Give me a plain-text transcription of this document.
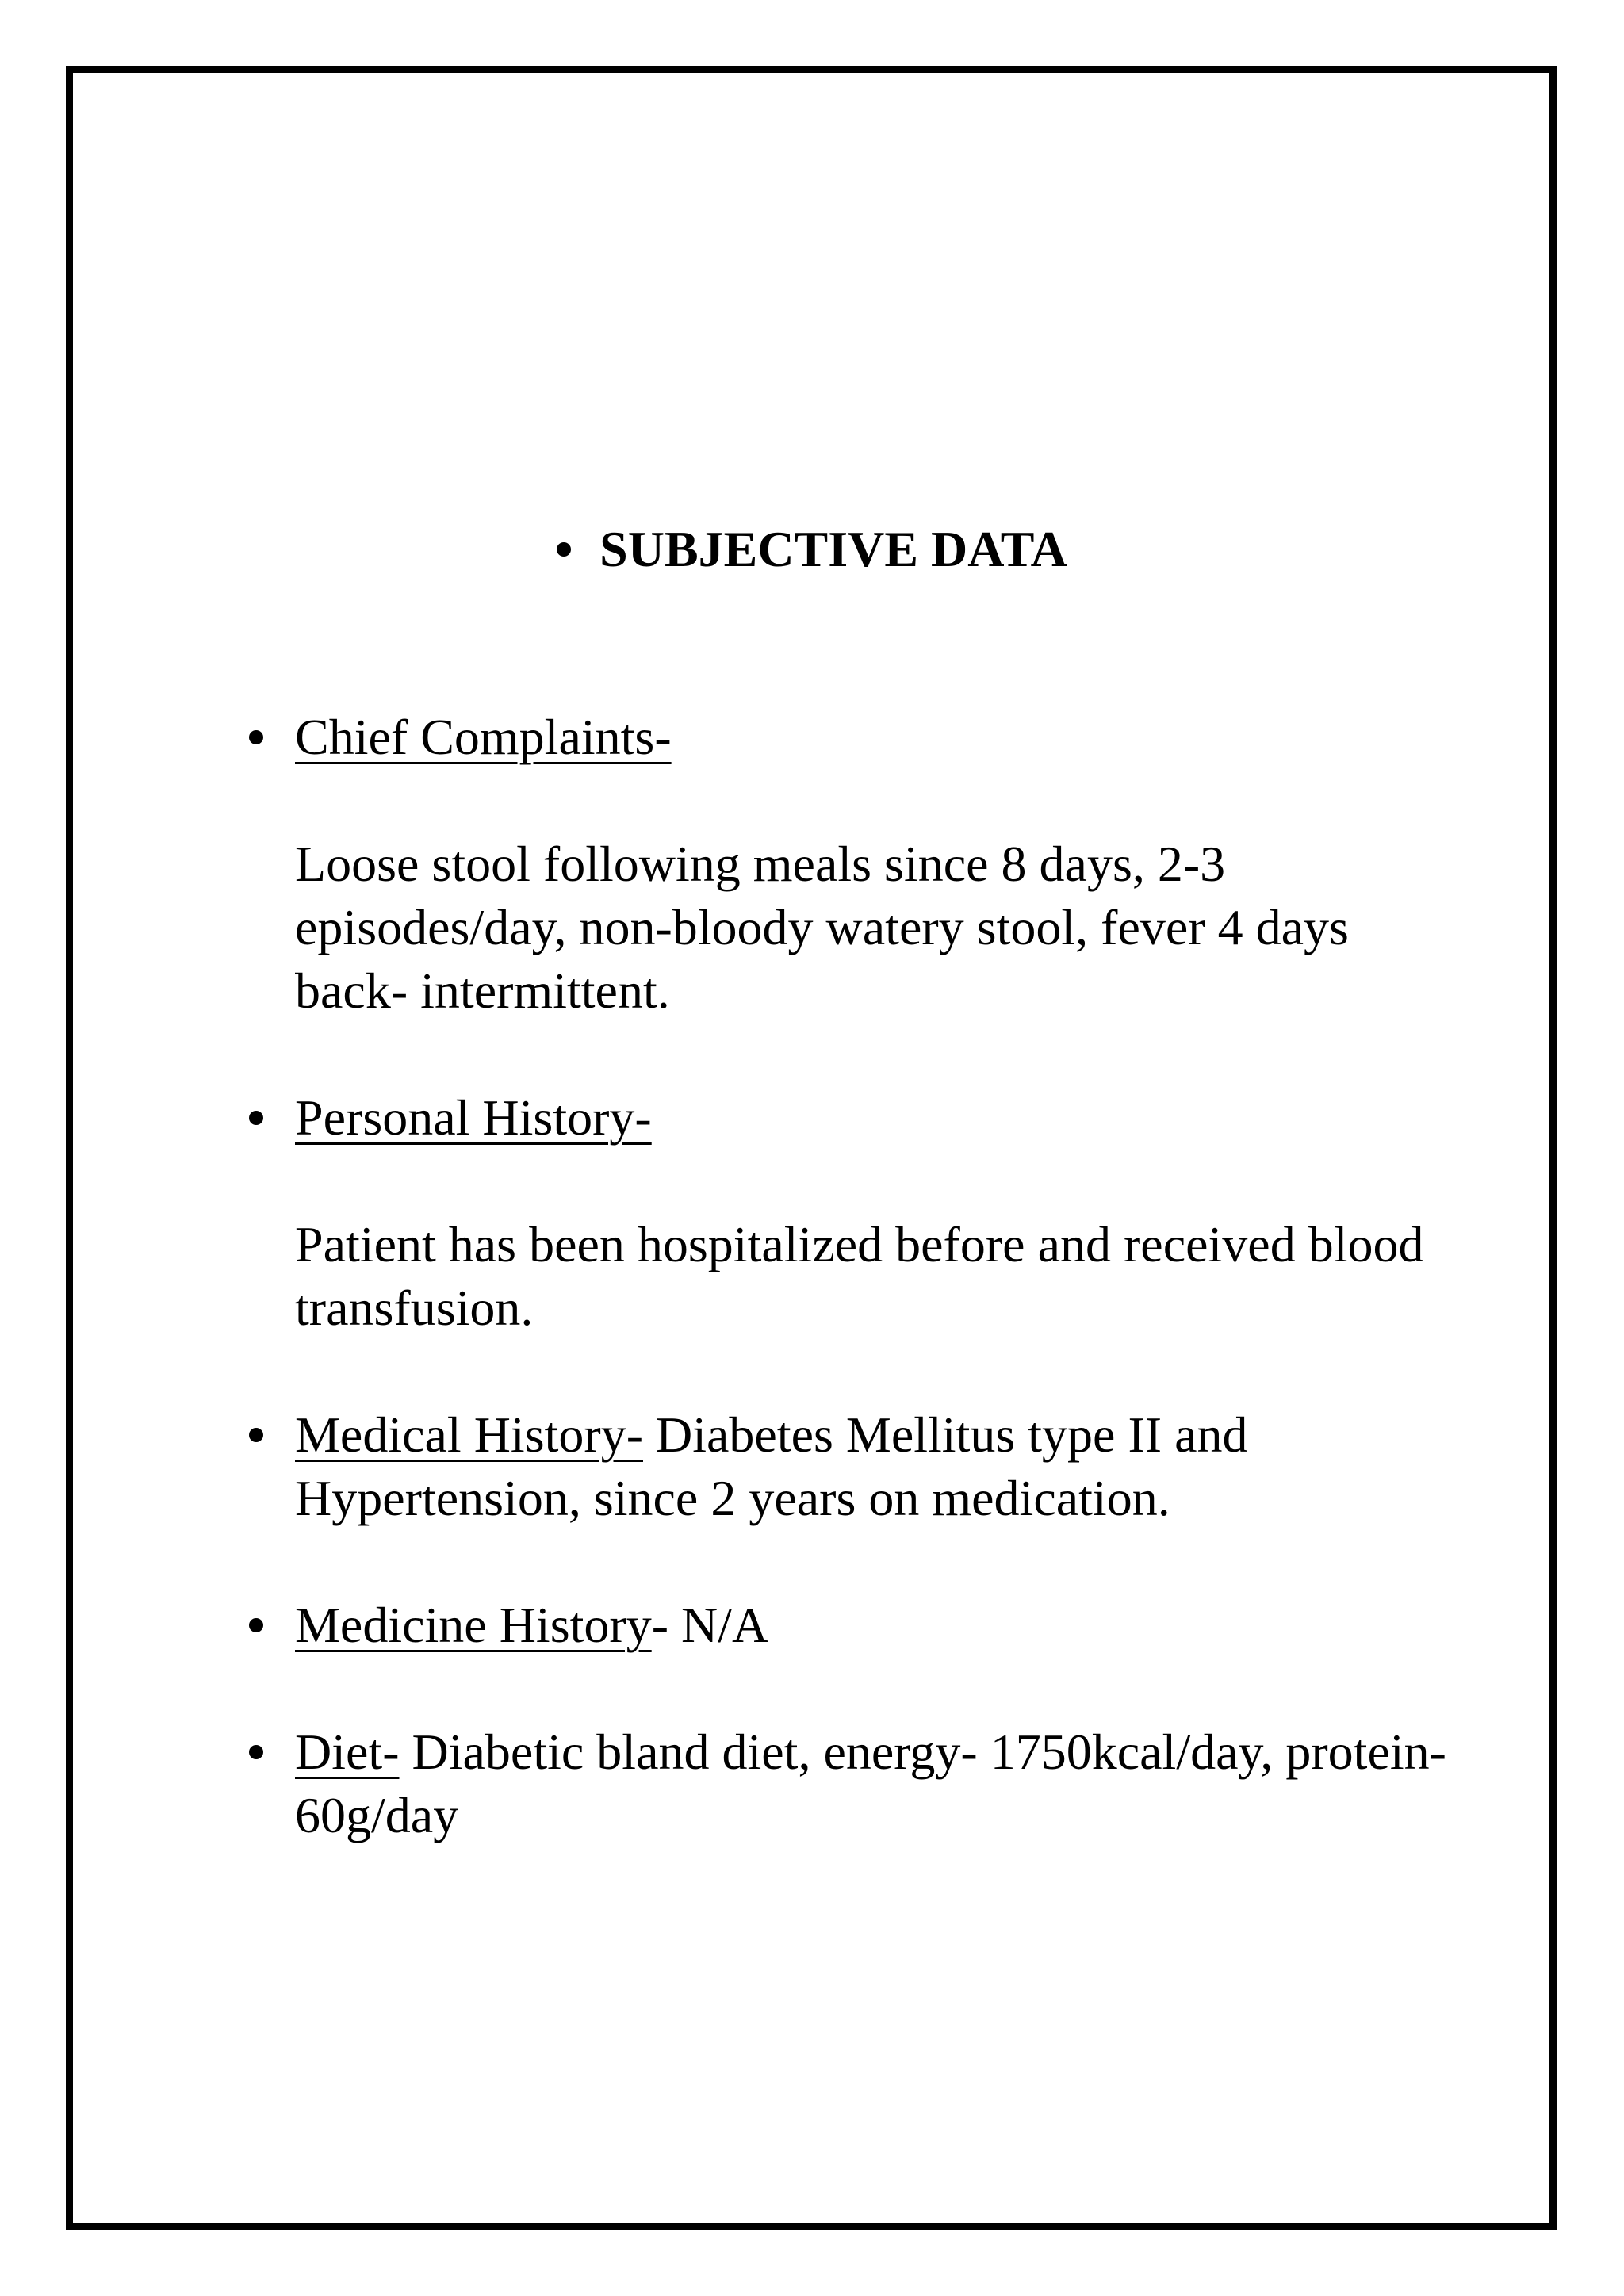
SUBJECTIVE DATA
Chief Complaints-
Loose stool following meals since 8 days, 2-3 episodes/day, non-bloody watery stool, fever 4 days back- intermittent.
Personal History-
Patient has been hospitalized before and received blood transfusion.
Medical History- Diabetes Mellitus type II and Hypertension, since 2 years on medication.
Medicine History- N/A
Diet- Diabetic bland diet, energy- 1750kcal/day, protein- 60g/day
